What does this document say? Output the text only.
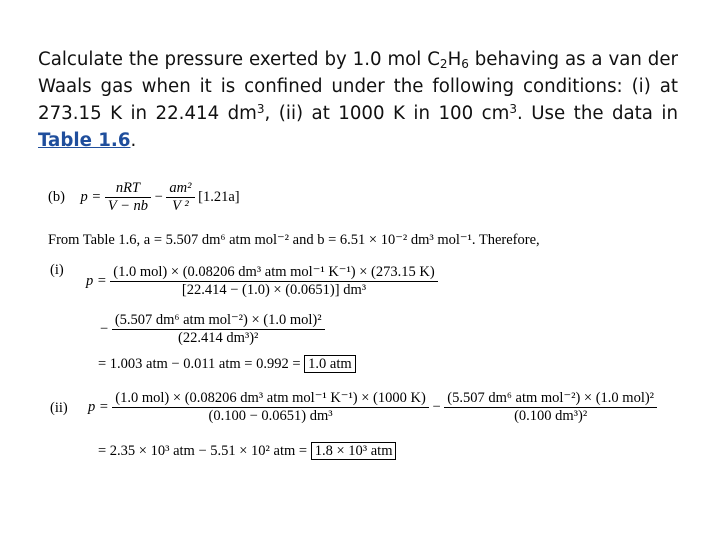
Calculate the pressure exerted by 1.0 mol $C_2H_6$ behaving as a van der Waals gas when it is confined under the following conditions: (i) at 273.15 K in 22.414 $dm^3$, (ii) at 1000 K in 100 $cm^3$. Use the data in Table 1.6.
(b) $p = \frac{\text{nRT}}{V - nb} - \frac{\text{am²}}{\text{V ²}} [1.21a]$
From Table 1.6, a = 5.507 dm⁶ atm mol⁻² and b = 6.51 × 10⁻² dm³ mol⁻¹. Therefore,
(i)
$p = \frac{\text{(1.0 mol) × (0.08206 dm³ atm mol⁻¹ K⁻¹) × (273.15 K)}}{\text{[22.414 − (1.0) × (0.0651)] dm³}}$
− $\frac{\text{(5.507 dm⁶ atm mol⁻²) × (1.0 mol)²}}{\text{(22.414 dm³)²}}$
= 1.003 atm − 0.011 atm = 0.992 = 1.0 atm
(ii) $p = \frac{\text{(1.0 mol) × (0.08206 dm³ atm mol⁻¹ K⁻¹) × (1000 K)}}{\text{(0.100 − 0.0651) dm³}} - \frac{\text{(5.507 dm⁶ atm mol⁻²) × (1.0 mol)²}}{\text{(0.100 dm³)²}}$
= 2.35 × 10³ atm − 5.51 × 10² atm = 1.8 × 10³ atm
